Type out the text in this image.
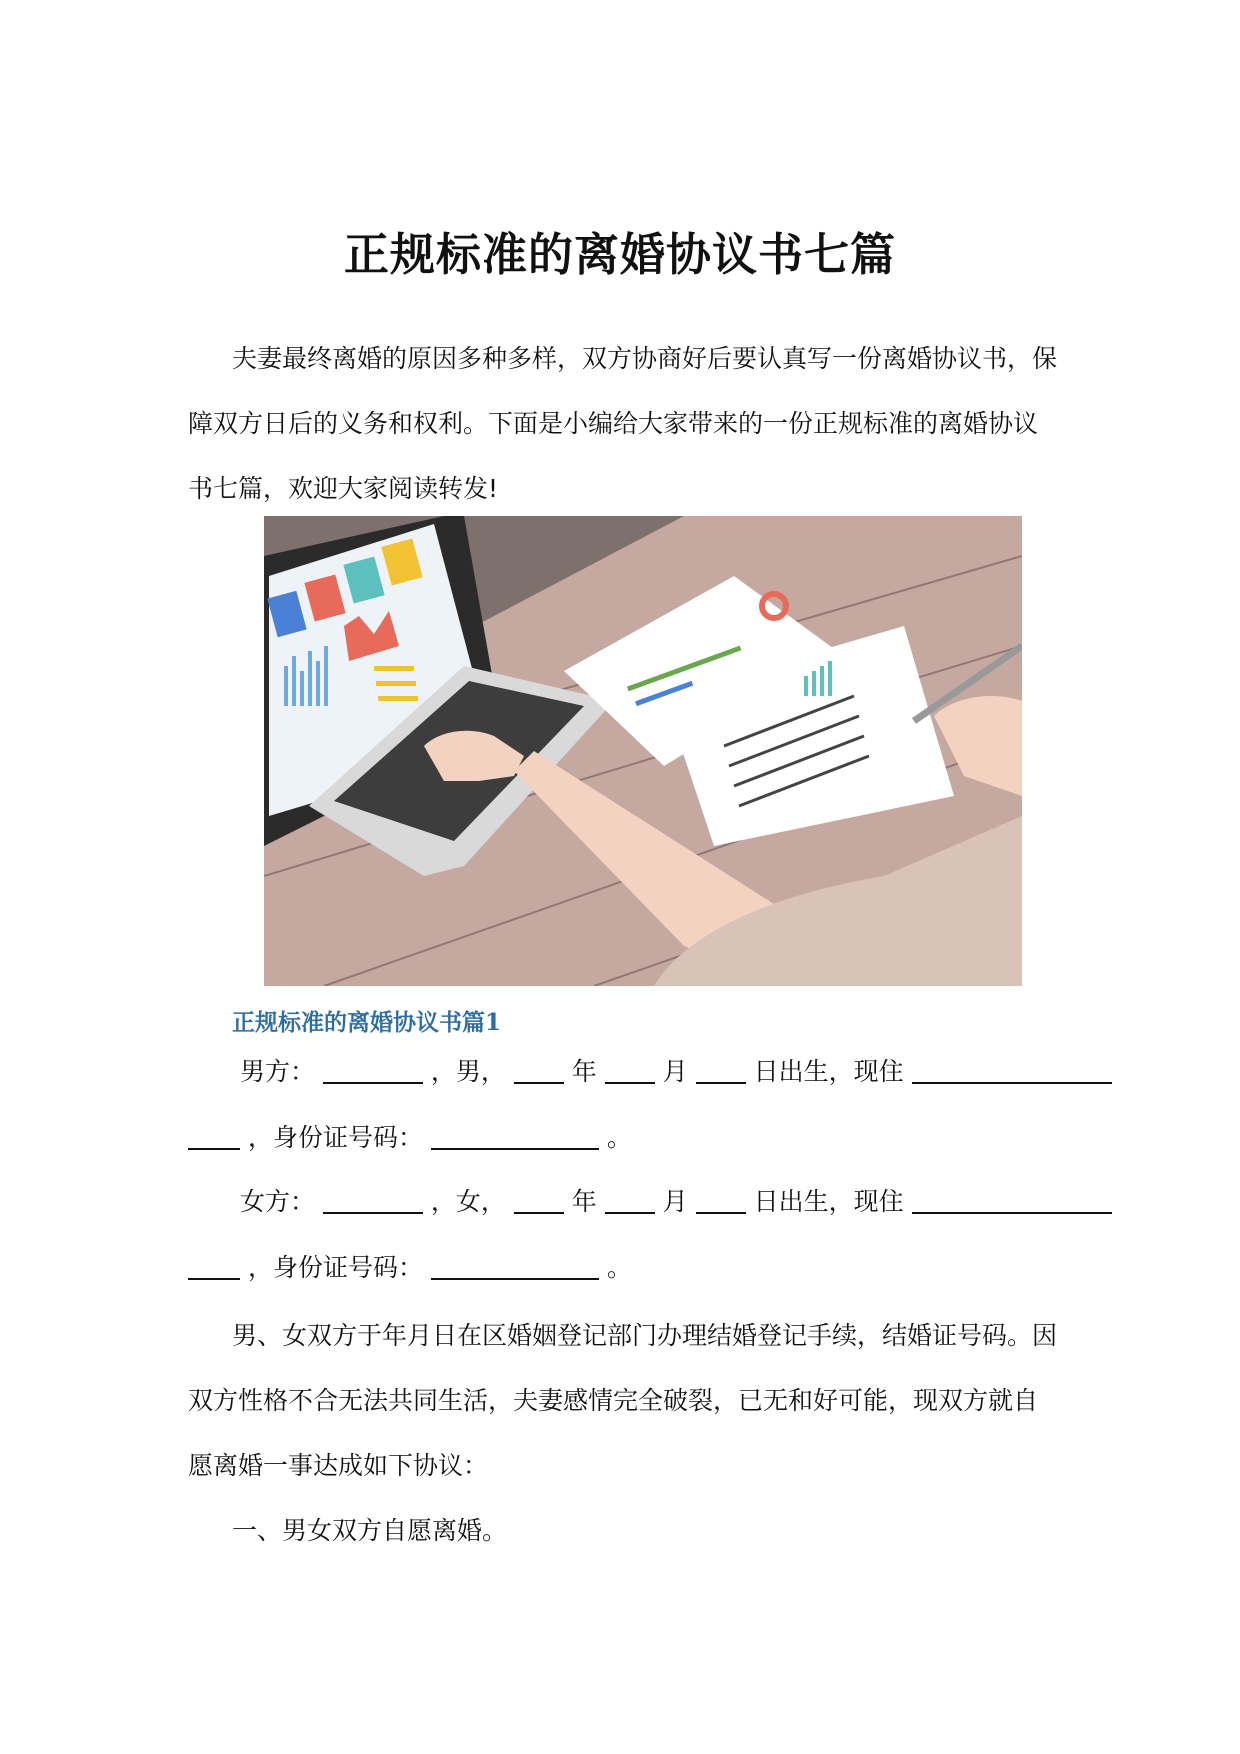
正规标准的离婚协议书七篇

夫妻最终离婚的原因多种多样，双方协商好后要认真写一份离婚协议书，保障双方日后的义务和权利。下面是小编给大家带来的一份正规标准的离婚协议书七篇，欢迎大家阅读转发!

正规标准的离婚协议书篇1
男方：	，男，	年	月	日出生，现住
，身份证号码：	。
女方：	，女，	年	月	日出生，现住
，身份证号码：	。

男、女双方于年月日在区婚姻登记部门办理结婚登记手续，结婚证号码。因双方性格不合无法共同生活，夫妻感情完全破裂，已无和好可能，现双方就自愿离婚一事达成如下协议：

一、男女双方自愿离婚。
